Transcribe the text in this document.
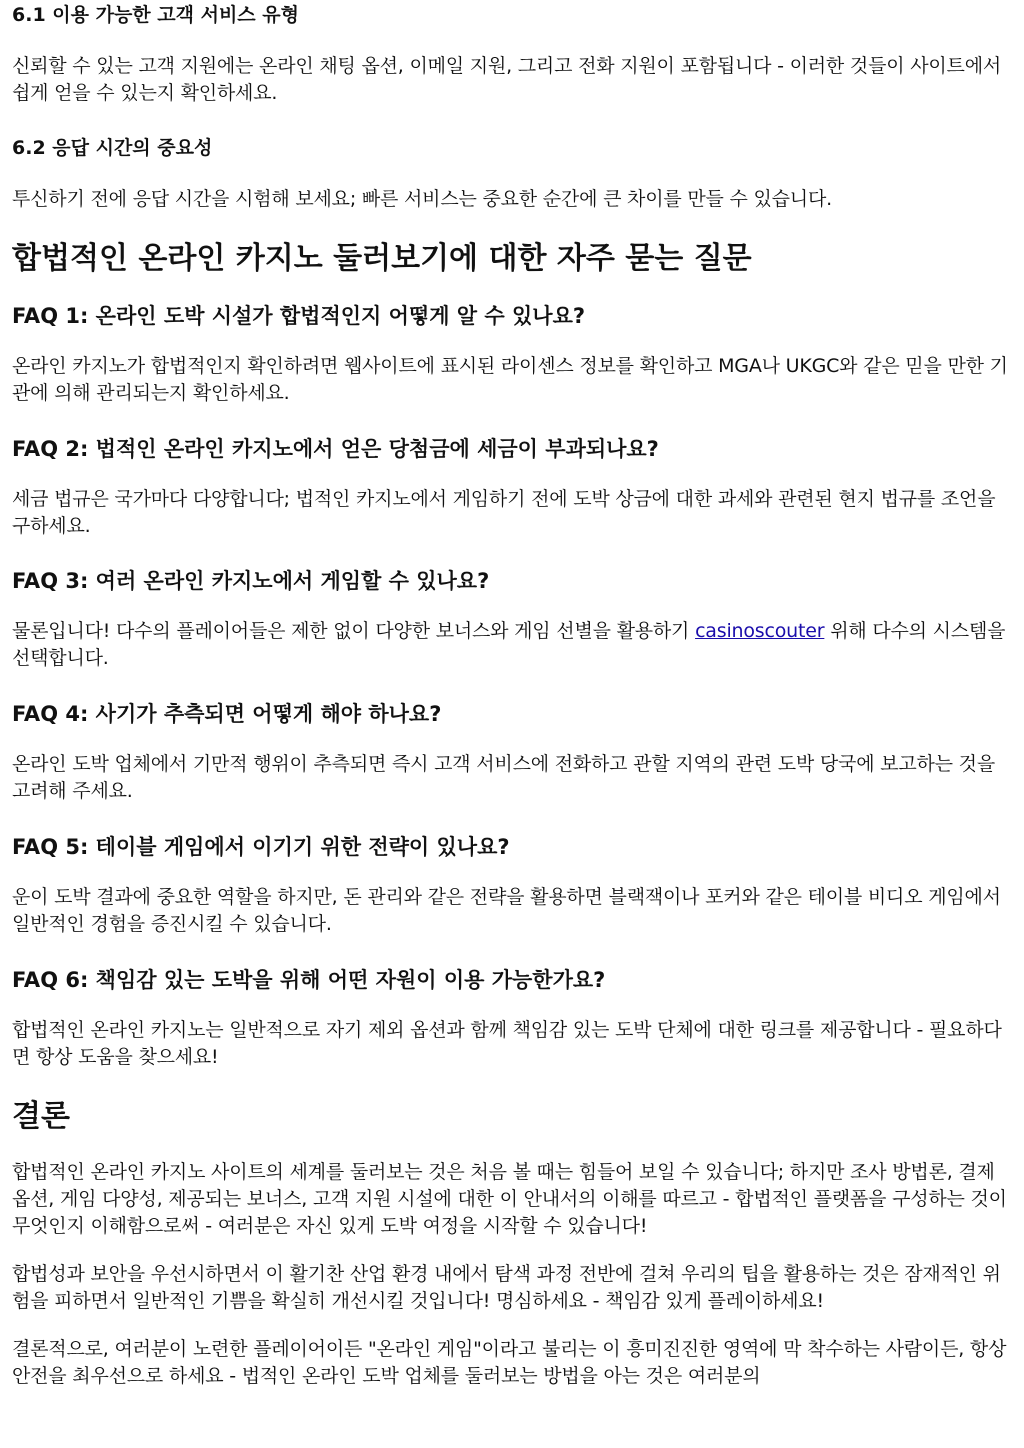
6.1 이용 가능한 고객 서비스 유형

신뢰할 수 있는 고객 지원에는 온라인 채팅 옵션, 이메일 지원, 그리고 전화 지원이 포함됩니다 - 이러한 것들이 사이트에서 쉽게 얻을 수 있는지 확인하세요.

6.2 응답 시간의 중요성

투신하기 전에 응답 시간을 시험해 보세요; 빠른 서비스는 중요한 순간에 큰 차이를 만들 수 있습니다.

합법적인 온라인 카지노 둘러보기에 대한 자주 묻는 질문
FAQ 1: 온라인 도박 시설가 합법적인지 어떻게 알 수 있나요?

온라인 카지노가 합법적인지 확인하려면 웹사이트에 표시된 라이센스 정보를 확인하고 MGA나 UKGC와 같은 믿을 만한 기관에 의해 관리되는지 확인하세요.

FAQ 2: 법적인 온라인 카지노에서 얻은 당첨금에 세금이 부과되나요?

세금 법규은 국가마다 다양합니다; 법적인 카지노에서 게임하기 전에 도박 상금에 대한 과세와 관련된 현지 법규를 조언을 구하세요.

FAQ 3: 여러 온라인 카지노에서 게임할 수 있나요?

물론입니다! 다수의 플레이어들은 제한 없이 다양한 보너스와 게임 선별을 활용하기 casinoscouter 위해 다수의 시스템을 선택합니다.

FAQ 4: 사기가 추측되면 어떻게 해야 하나요?

온라인 도박 업체에서 기만적 행위이 추측되면 즉시 고객 서비스에 전화하고 관할 지역의 관련 도박 당국에 보고하는 것을 고려해 주세요.

FAQ 5: 테이블 게임에서 이기기 위한 전략이 있나요?

운이 도박 결과에 중요한 역할을 하지만, 돈 관리와 같은 전략을 활용하면 블랙잭이나 포커와 같은 테이블 비디오 게임에서 일반적인 경험을 증진시킬 수 있습니다.

FAQ 6: 책임감 있는 도박을 위해 어떤 자원이 이용 가능한가요?

합법적인 온라인 카지노는 일반적으로 자기 제외 옵션과 함께 책임감 있는 도박 단체에 대한 링크를 제공합니다 - 필요하다면 항상 도움을 찾으세요!

결론

합법적인 온라인 카지노 사이트의 세계를 둘러보는 것은 처음 볼 때는 힘들어 보일 수 있습니다; 하지만 조사 방법론, 결제 옵션, 게임 다양성, 제공되는 보너스, 고객 지원 시설에 대한 이 안내서의 이해를 따르고 - 합법적인 플랫폼을 구성하는 것이 무엇인지 이해함으로써 - 여러분은 자신 있게 도박 여정을 시작할 수 있습니다!

합법성과 보안을 우선시하면서 이 활기찬 산업 환경 내에서 탐색 과정 전반에 걸쳐 우리의 팁을 활용하는 것은 잠재적인 위험을 피하면서 일반적인 기쁨을 확실히 개선시킬 것입니다! 명심하세요 - 책임감 있게 플레이하세요!

결론적으로, 여러분이 노련한 플레이어이든 "온라인 게임"이라고 불리는 이 흥미진진한 영역에 막 착수하는 사람이든, 항상 안전을 최우선으로 하세요 - 법적인 온라인 도박 업체를 둘러보는 방법을 아는 것은 여러분의
